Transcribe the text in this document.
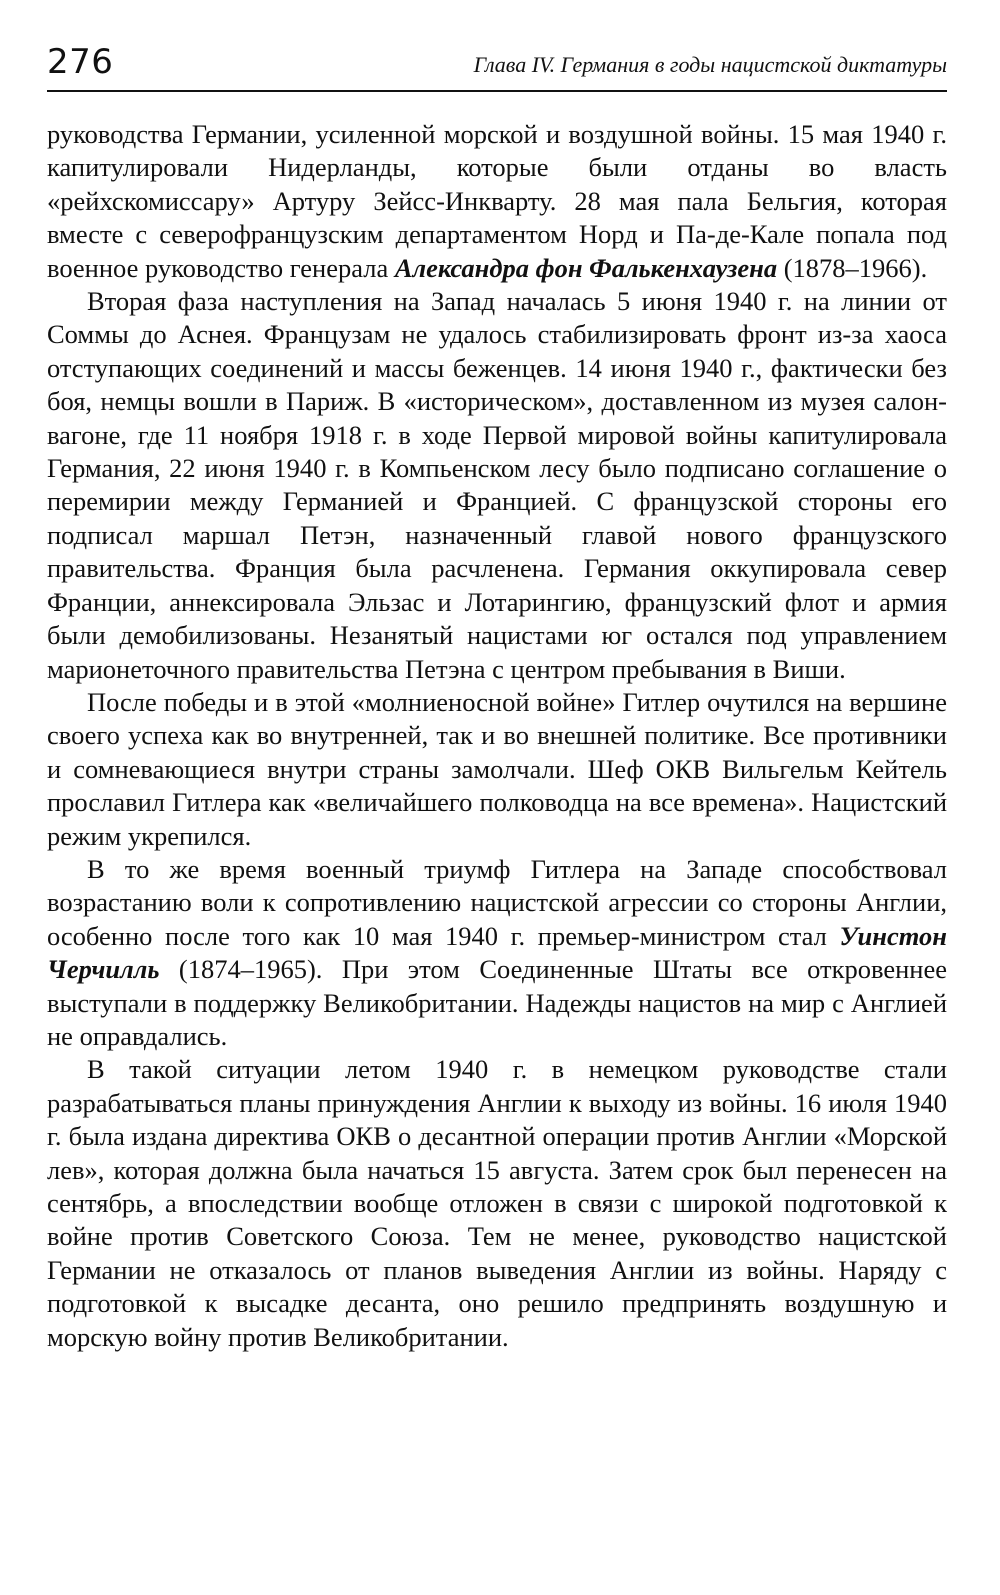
276	Глава IV. Германия в годы нацистской диктатуры

руководства Германии, усиленной морской и воздушной войны. 15 мая 1940 г. капитулировали Нидерланды, которые были отданы во власть «рейхскомиссару» Артуру Зейсс-Инкварту. 28 мая пала Бельгия, которая вместе с северофранцузским департаментом Норд и Па-де-Кале попала под военное руководство генерала Александра фон Фалькенхаузена (1878–1966).

Вторая фаза наступления на Запад началась 5 июня 1940 г. на линии от Соммы до Аснея. Французам не удалось стабилизировать фронт из-за хаоса отступающих соединений и массы беженцев. 14 июня 1940 г., фактически без боя, немцы вошли в Париж. В «историческом», доставленном из музея салон-вагоне, где 11 ноября 1918 г. в ходе Первой мировой войны капитулировала Германия, 22 июня 1940 г. в Компьенском лесу было подписано соглашение о перемирии между Германией и Францией. С французской стороны его подписал маршал Петэн, назначенный главой нового французского правительства. Франция была расчленена. Германия оккупировала север Франции, аннексировала Эльзас и Лотарингию, французский флот и армия были демобилизованы. Незанятый нацистами юг остался под управлением марионеточного правительства Петэна с центром пребывания в Виши.

После победы и в этой «молниеносной войне» Гитлер очутился на вершине своего успеха как во внутренней, так и во внешней политике. Все противники и сомневающиеся внутри страны замолчали. Шеф ОКВ Вильгельм Кейтель прославил Гитлера как «величайшего полководца на все времена». Нацистский режим укрепился.

В то же время военный триумф Гитлера на Западе способствовал возрастанию воли к сопротивлению нацистской агрессии со стороны Англии, особенно после того как 10 мая 1940 г. премьер-министром стал Уинстон Черчилль (1874–1965). При этом Соединенные Штаты все откровеннее выступали в поддержку Великобритании. Надежды нацистов на мир с Англией не оправдались.

В такой ситуации летом 1940 г. в немецком руководстве стали разрабатываться планы принуждения Англии к выходу из войны. 16 июля 1940 г. была издана директива ОКВ о десантной операции против Англии «Морской лев», которая должна была начаться 15 августа. Затем срок был перенесен на сентябрь, а впоследствии вообще отложен в связи с широкой подготовкой к войне против Советского Союза. Тем не менее, руководство нацистской Германии не отказалось от планов выведения Англии из войны. Наряду с подготовкой к высадке десанта, оно решило предпринять воздушную и морскую войну против Великобритании.
